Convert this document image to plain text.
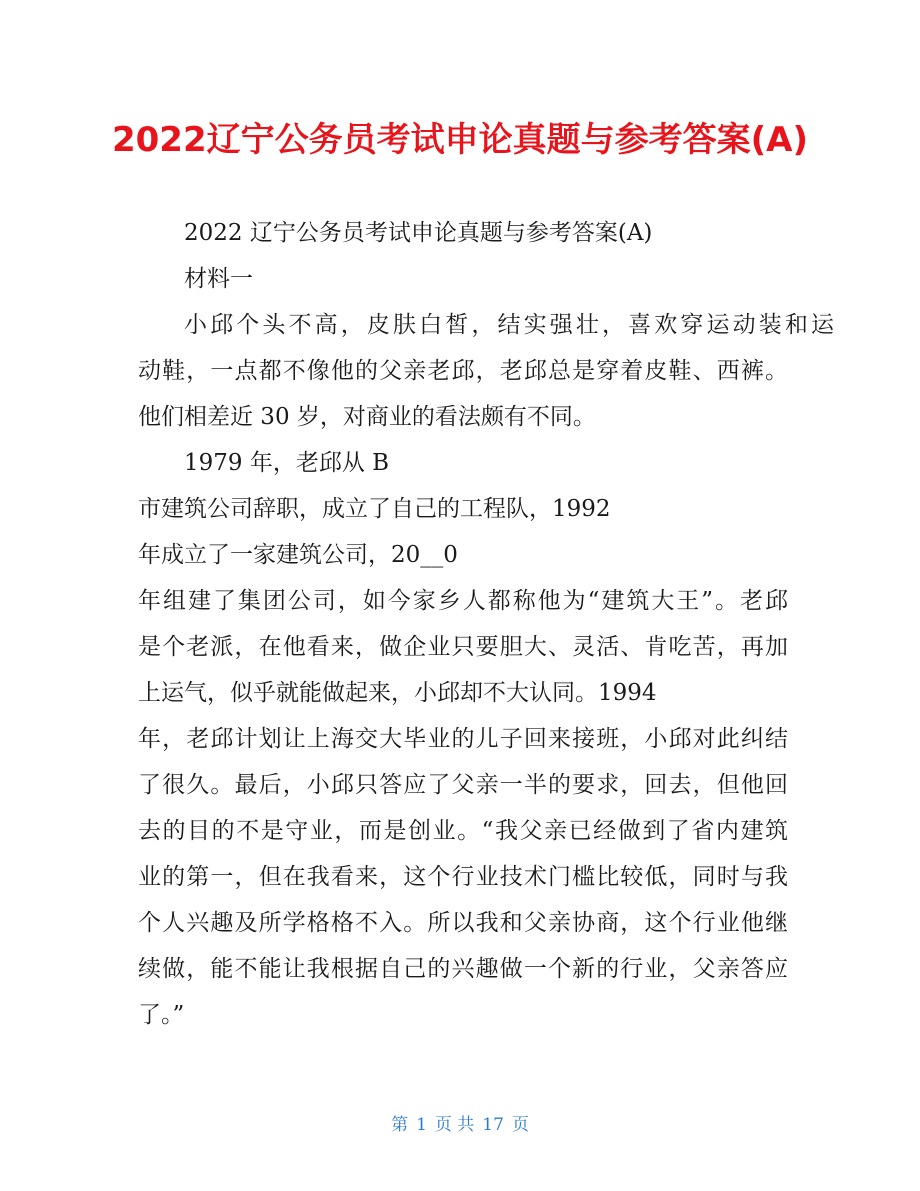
2022辽宁公务员考试申论真题与参考答案(A)
2022 辽宁公务员考试申论真题与参考答案(A)
材料一
小邱个头不高，皮肤白皙，结实强壮，喜欢穿运动装和运
动鞋，一点都不像他的父亲老邱，老邱总是穿着皮鞋、西裤。
他们相差近 30 岁，对商业的看法颇有不同。
1979 年，老邱从 B
市建筑公司辞职，成立了自己的工程队，1992
年成立了一家建筑公司，20__0
年组建了集团公司，如今家乡人都称他为“建筑大王”。老邱
是个老派，在他看来，做企业只要胆大、灵活、肯吃苦，再加
上运气，似乎就能做起来，小邱却不大认同。1994
年，老邱计划让上海交大毕业的儿子回来接班，小邱对此纠结
了很久。最后，小邱只答应了父亲一半的要求，回去，但他回
去的目的不是守业，而是创业。“我父亲已经做到了省内建筑
业的第一，但在我看来，这个行业技术门槛比较低，同时与我
个人兴趣及所学格格不入。所以我和父亲协商，这个行业他继
续做，能不能让我根据自己的兴趣做一个新的行业，父亲答应
了。”
第 1 页 共 17 页
